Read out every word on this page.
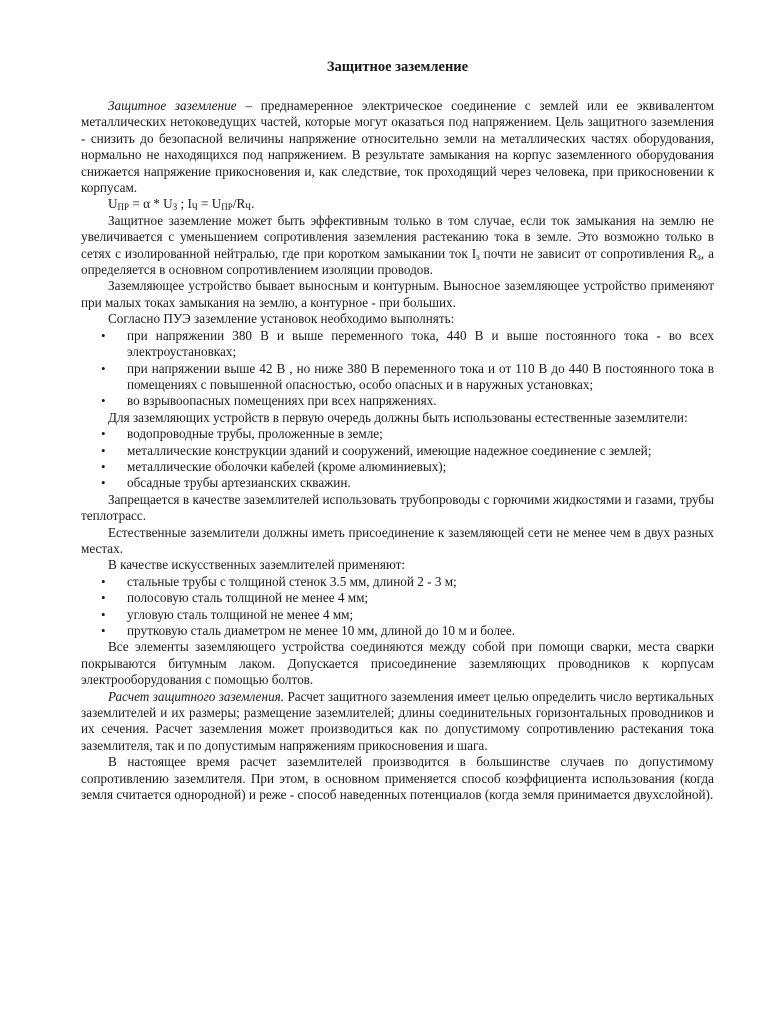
Защитное заземление

Защитное заземление – преднамеренное электрическое соединение с землей или ее эквивалентом металлических нетоковедущих частей, которые могут оказаться под напряжением. Цель защитного заземления - снизить до безопасной величины напряжение относительно земли на металлических частях оборудования, нормально не находящихся под напряжением. В результате замыкания на корпус заземленного оборудования снижается напряжение прикосновения и, как следствие, ток проходящий через человека, при прикосновении к корпусам.

$U_{ПР} = \alpha * U_З$ ; $I_Ч = U_{ПР}/R_Ч$.

Защитное заземление может быть эффективным только в том случае, если ток замыкания на землю не увеличивается с уменьшением сопротивления заземления растеканию тока в земле. Это возможно только в сетях с изолированной нейтралью, где при коротком замыкании ток $I_з$ почти не зависит от сопротивления $R_з$, а определяется в основном сопротивлением изоляции проводов.

Заземляющее устройство бывает выносным и контурным. Выносное заземляющее устройство применяют при малых токах замыкания на землю, а контурное - при больших.

Согласно ПУЭ заземление установок необходимо выполнять:

• при напряжении 380 В и выше переменного тока, 440 В и выше постоянного тока - во всех электроустановках;
• при напряжении выше 42 В , но ниже 380 В переменного тока и от 110 В до 440 В постоянного тока в помещениях с повышенной опасностью, особо опасных и в наружных установках;
• во взрывоопасных помещениях при всех напряжениях.

Для заземляющих устройств в первую очередь должны быть использованы естественные заземлители:

• водопроводные трубы, проложенные в земле;
• металлические конструкции зданий и сооружений, имеющие надежное соединение с землей;
• металлические оболочки кабелей (кроме алюминиевых);
• обсадные трубы артезианских скважин.

Запрещается в качестве заземлителей использовать трубопроводы с горючими жидкостями и газами, трубы теплотрасс.

Естественные заземлители должны иметь присоединение к заземляющей сети не менее чем в двух разных местах.

В качестве искусственных заземлителей применяют:

• стальные трубы с толщиной стенок 3.5 мм, длиной 2 - 3 м;
• полосовую сталь толщиной не менее 4 мм;
• угловую сталь толщиной не менее 4 мм;
• прутковую сталь диаметром не менее 10 мм, длиной до 10 м и более.

Все элементы заземляющего устройства соединяются между собой при помощи сварки, места сварки покрываются битумным лаком. Допускается присоединение заземляющих проводников к корпусам электрооборудования с помощью болтов.

Расчет защитного заземления. Расчет защитного заземления имеет целью определить число вертикальных заземлителей и их размеры; размещение заземлителей; длины соединительных горизонтальных проводников и их сечения. Расчет заземления может производиться как по допустимому сопротивлению растекания тока заземлителя, так и по допустимым напряжениям прикосновения и шага.

В настоящее время расчет заземлителей производится в большинстве случаев по допустимому сопротивлению заземлителя. При этом, в основном применяется способ коэффициента использования (когда земля считается однородной) и реже - способ наведенных потенциалов (когда земля принимается двухслойной).
